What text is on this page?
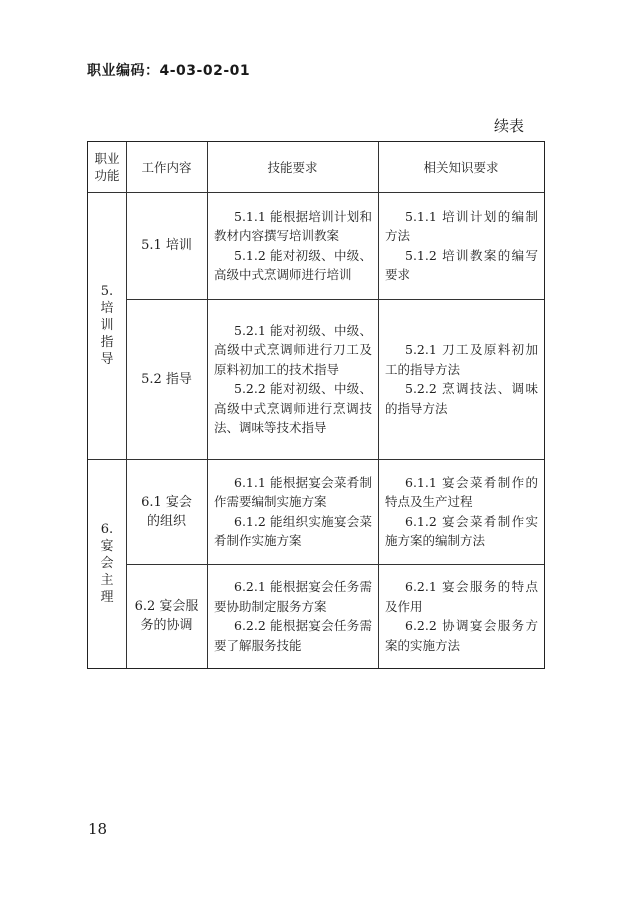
职业编码：4-03-02-01
续表
职业功能
工作内容	技能要求	相关知识要求
5.
培
训
指
导
5.1 培训

5.1.1 能根据培训计划和教材内容撰写培训教案

5.1.2 能对初级、中级、高级中式烹调师进行培训

5.1.1 培训计划的编制方法

5.1.2 培训教案的编写要求

5.2 指导

5.2.1 能对初级、中级、高级中式烹调师进行刀工及原料初加工的技术指导

5.2.2 能对初级、中级、高级中式烹调师进行烹调技法、调味等技术指导

5.2.1 刀工及原料初加工的指导方法

5.2.2 烹调技法、调味的指导方法

6.
宴
会
主
理
6.1 宴会的组织

6.1.1 能根据宴会菜肴制作需要编制实施方案

6.1.2 能组织实施宴会菜肴制作实施方案

6.1.1 宴会菜肴制作的特点及生产过程

6.1.2 宴会菜肴制作实施方案的编制方法

6.2 宴会服务的协调

6.2.1 能根据宴会任务需要协助制定服务方案

6.2.2 能根据宴会任务需要了解服务技能

6.2.1 宴会服务的特点及作用

6.2.2 协调宴会服务方案的实施方法

18
